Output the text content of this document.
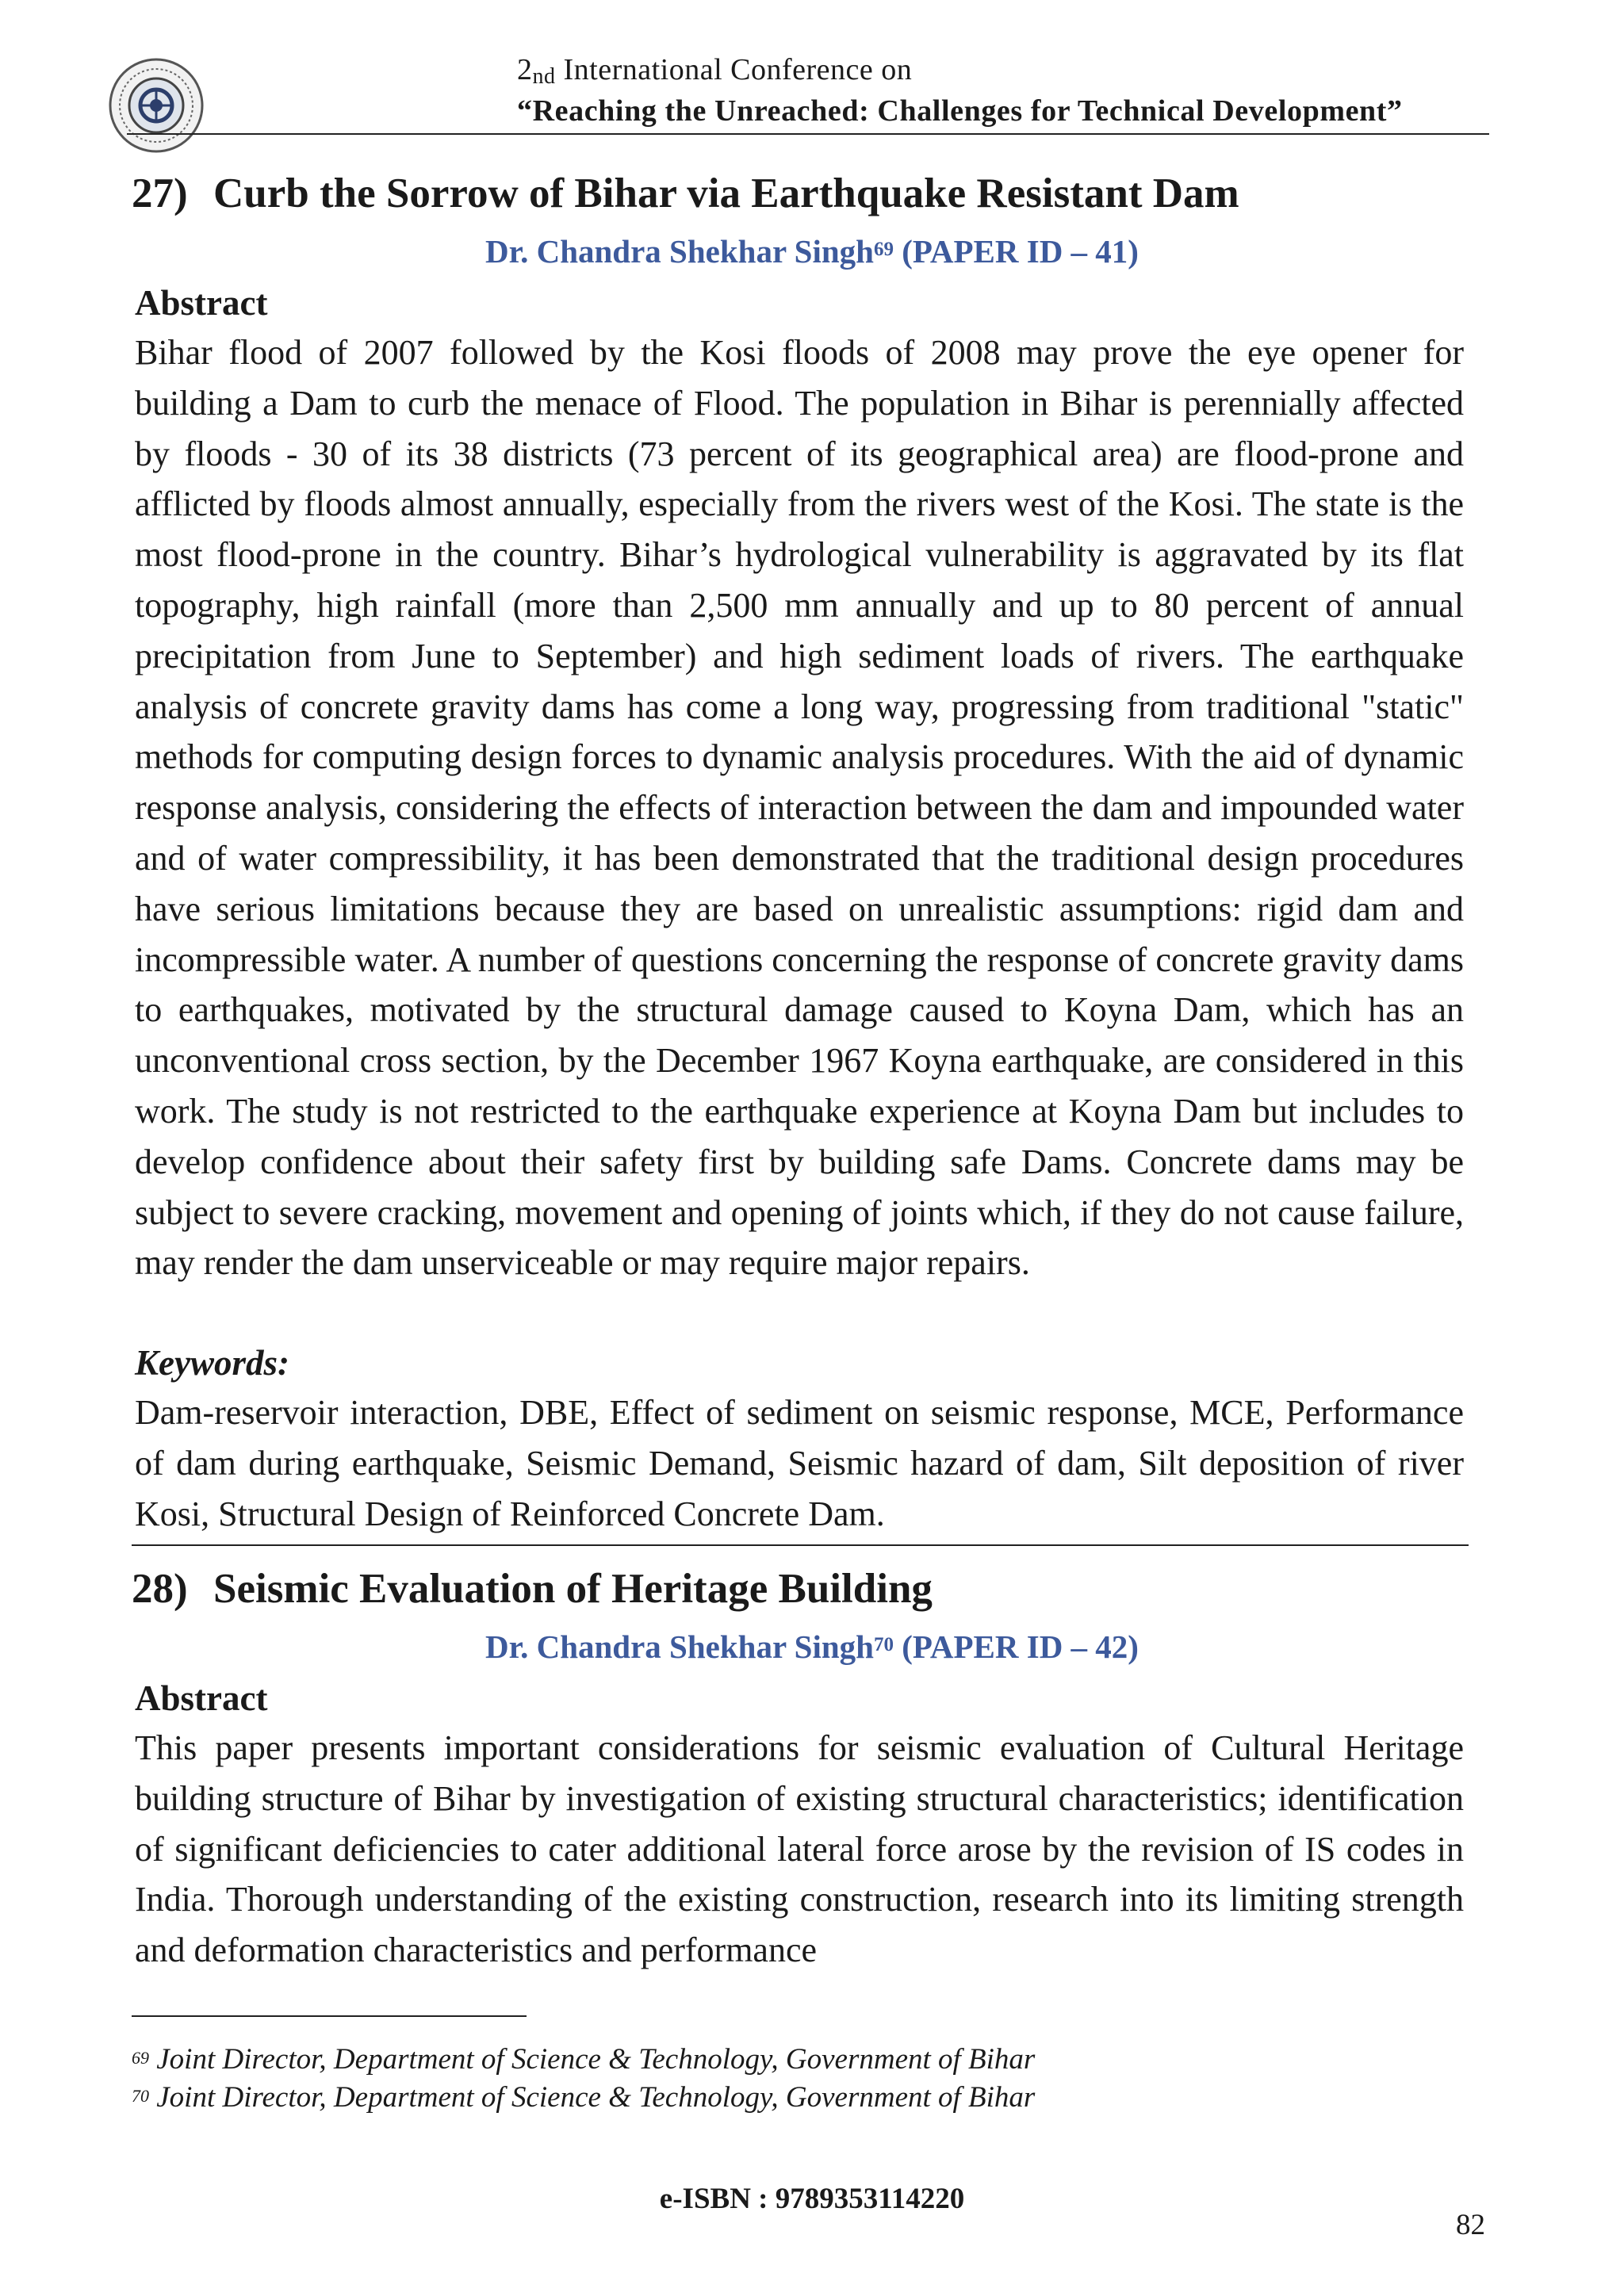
2nd International Conference on
“Reaching the Unreached: Challenges for Technical Development”
27) Curb the Sorrow of Bihar via Earthquake Resistant Dam
Dr. Chandra Shekhar Singh$^{69}$ (PAPER ID – 41)
Abstract

Bihar flood of 2007 followed by the Kosi floods of 2008 may prove the eye opener for building a Dam to curb the menace of Flood. The population in Bihar is perennially affected by floods - 30 of its 38 districts (73 percent of its geographical area) are flood-prone and afflicted by floods almost annually, especially from the rivers west of the Kosi. The state is the most flood-prone in the country. Bihar’s hydrological vulnerability is aggravated by its flat topography, high rainfall (more than 2,500 mm annually and up to 80 percent of annual precipitation from June to September) and high sediment loads of rivers. The earthquake analysis of concrete gravity dams has come a long way, progressing from traditional "static" methods for computing design forces to dynamic analysis procedures. With the aid of dynamic response analysis, considering the effects of interaction between the dam and impounded water and of water compressibility, it has been demonstrated that the traditional design procedures have serious limitations because they are based on unrealistic assumptions: rigid dam and incompressible water. A number of questions concerning the response of concrete gravity dams to earthquakes, motivated by the structural damage caused to Koyna Dam, which has an unconventional cross section, by the December 1967 Koyna earthquake, are considered in this work. The study is not restricted to the earthquake experience at Koyna Dam but includes to develop confidence about their safety first by building safe Dams. Concrete dams may be subject to severe cracking, movement and opening of joints which, if they do not cause failure, may render the dam unserviceable or may require major repairs.

Keywords:

Dam-reservoir interaction, DBE, Effect of sediment on seismic response, MCE, Performance of dam during earthquake, Seismic Demand, Seismic hazard of dam, Silt deposition of river Kosi, Structural Design of Reinforced Concrete Dam.

28) Seismic Evaluation of Heritage Building
Dr. Chandra Shekhar Singh$^{70}$ (PAPER ID – 42)
Abstract

This paper presents important considerations for seismic evaluation of Cultural Heritage building structure of Bihar by investigation of existing structural characteristics; identification of significant deficiencies to cater additional lateral force arose by the revision of IS codes in India. Thorough understanding of the existing construction, research into its limiting strength and deformation characteristics and performance

$^{69}$ Joint Director, Department of Science & Technology, Government of Bihar
$^{70}$ Joint Director, Department of Science & Technology, Government of Bihar
e-ISBN : 9789353114220
82
